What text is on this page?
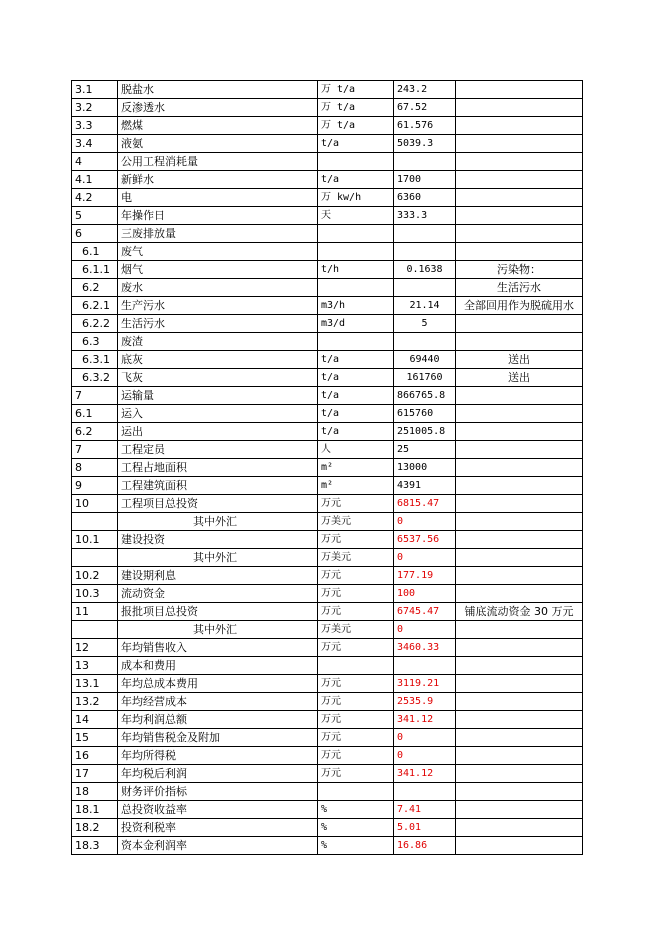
3.1	脱盐水	万 t/a	243.2	
3.2	反渗透水	万 t/a	67.52	
3.3	燃煤	万 t/a	61.576	
3.4	液氨	t/a	5039.3	
4	公用工程消耗量			
4.1	新鲜水	t/a	1700	
4.2	电	万 kw/h	6360	
5	年操作日	天	333.3	
6	三废排放量			
6.1	废气			
6.1.1	烟气	t/h	0.1638	污染物：
6.2	废水			生活污水
6.2.1	生产污水	m3/h	21.14	全部回用作为脱硫用水
6.2.2	生活污水	m3/d	5	
6.3	废渣			
6.3.1	底灰	t/a	69440	送出
6.3.2	飞灰	t/a	161760	送出
7	运输量	t/a	866765.8	
6.1	运入	t/a	615760	
6.2	运出	t/a	251005.8	
7	工程定员	人	25	
8	工程占地面积	m²	13000	
9	工程建筑面积	m²	4391	
10	工程项目总投资	万元	6815.47	
	其中外汇	万美元	0	
10.1	建设投资	万元	6537.56	
	其中外汇	万美元	0	
10.2	建设期利息	万元	177.19	
10.3	流动资金	万元	100	
11	报批项目总投资	万元	6745.47	铺底流动资金 30 万元
	其中外汇	万美元	0	
12	年均销售收入	万元	3460.33	
13	成本和费用			
13.1	年均总成本费用	万元	3119.21	
13.2	年均经营成本	万元	2535.9	
14	年均利润总额	万元	341.12	
15	年均销售税金及附加	万元	0	
16	年均所得税	万元	0	
17	年均税后利润	万元	341.12	
18	财务评价指标			
18.1	总投资收益率	%	7.41	
18.2	投资利税率	%	5.01	
18.3	资本金利润率	%	16.86	
